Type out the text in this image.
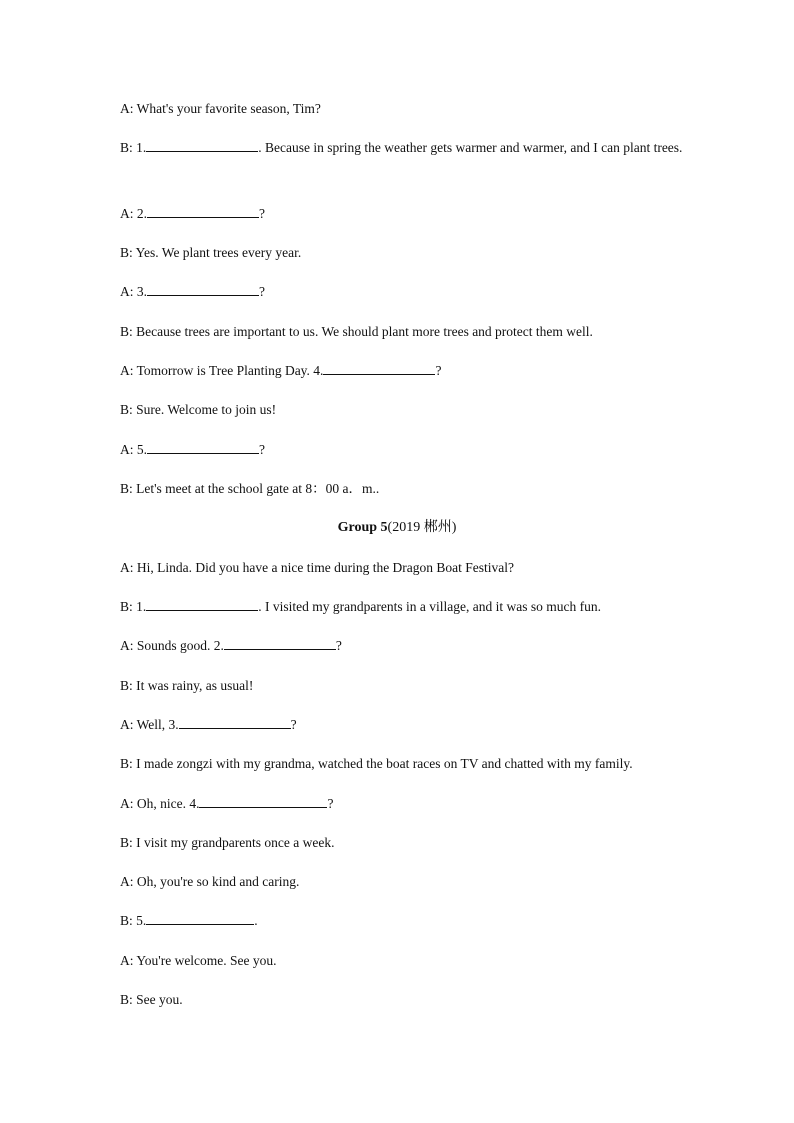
A: What's your favorite season, Tim?
B: 1.	. Because in spring the weather gets warmer and warmer, and I can plant trees.
A: 2.	?
B: Yes. We plant trees every year.
A: 3.	?
B: Because trees are important to us. We should plant more trees and protect them well.
A: Tomorrow is Tree Planting Day. 4.	?
B: Sure. Welcome to join us!
A: 5.	?
B: Let's meet at the school gate at 8：00 a．m..
Group 5(2019 郴州)
A: Hi, Linda. Did you have a nice time during the Dragon Boat Festival?
B: 1.	. I visited my grandparents in a village, and it was so much fun.
A: Sounds good. 2.	?
B: It was rainy, as usual!
A: Well, 3.	?
B: I made zongzi with my grandma, watched the boat races on TV and chatted with my family.
A: Oh, nice. 4.	?
B: I visit my grandparents once a week.
A: Oh, you're so kind and caring.
B: 5.	.
A: You're welcome. See you.
B: See you.
